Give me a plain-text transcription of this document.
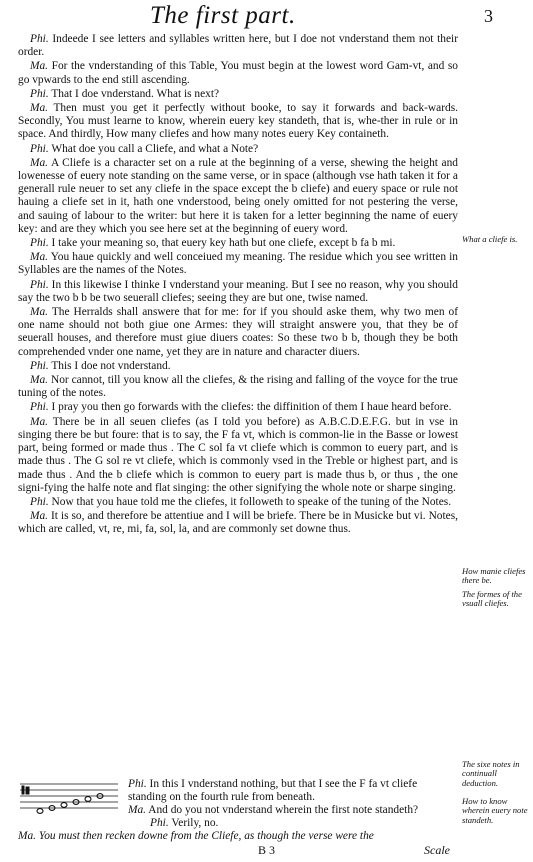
The first part.	3

Phi. Indeede I see letters and syllables written here, but I doe not vnderstand them not their order.

Ma. For the vnderstanding of this Table, You must begin at the lowest word Gam-vt, and so go vpwards to the end still ascending.

Phi. That I doe vnderstand. What is next?

Ma. Then must you get it perfectly without booke, to say it forwards and back-wards. Secondly, You must learne to know, wherein euery key standeth, that is, whe-ther in rule or in space. And thirdly, How many cliefes and how many notes euery Key containeth.

Phi. What doe you call a Cliefe, and what a Note?

Ma. A Cliefe is a character set on a rule at the beginning of a verse, shewing the height and lowenesse of euery note standing on the same verse, or in space (although vse hath taken it for a generall rule neuer to set any cliefe in the space except the b cliefe) and euery space or rule not hauing a cliefe set in it, hath one vnderstood, being onely omitted for not pestering the verse, and sauing of labour to the writer: but here it is taken for a letter beginning the name of euery key: and are they which you see here set at the beginning of euery word.

Phi. I take your meaning so, that euery key hath but one cliefe, except b fa b mi.

Ma. You haue quickly and well conceiued my meaning. The residue which you see written in Syllables are the names of the Notes.

Phi. In this likewise I thinke I vnderstand your meaning. But I see no reason, why you should say the two b b be two seuerall cliefes; seeing they are but one, twise named.

Ma. The Herralds shall answere that for me: for if you should aske them, why two men of one name should not both giue one Armes: they will straight answere you, that they be of seuerall houses, and therefore must giue diuers coates: So these two b b, though they be both comprehended vnder one name, yet they are in nature and character diuers.

Phi. This I doe not vnderstand.

Ma. Nor cannot, till you know all the cliefes, & the rising and falling of the voyce for the true tuning of the notes.

Phi. I pray you then go forwards with the cliefes: the diffinition of them I haue heard before.

Ma. There be in all seuen cliefes (as I told you before) as A.B.C.D.E.F.G. but in vse in singing there be but foure: that is to say, the F fa vt, which is common-lie in the Basse or lowest part, being formed or made thus . The C sol fa vt cliefe which is common to euery part, and is made thus . The G sol re vt cliefe, which is commonly vsed in the Treble or highest part, and is made thus . And the b cliefe which is common to euery part is made thus b, or thus , the one signi-fying the halfe note and flat singing: the other signifying the whole note or sharpe singing.

Phi. Now that you haue told me the cliefes, it followeth to speake of the tuning of the Notes.

Ma. It is so, and therefore be attentiue and I will be briefe. There be in Musicke but vi. Notes, which are called, vt, re, mi, fa, sol, la, and are commonly set downe thus.

What a cliefe is.
How manie cliefes there be.
The formes of the vsuall cliefes.
The sixe notes in continuall deduction.
How to know wherein euery note standeth.
Phi. In this I vnderstand nothing, but that I see the F fa vt cliefe standing on the fourth rule from beneath.
Ma. And do you not vnderstand wherein the first note standeth?
Phi. Verily, no.
Ma. You must then recken downe from the Cliefe, as though the verse were the
B 3	Scale
